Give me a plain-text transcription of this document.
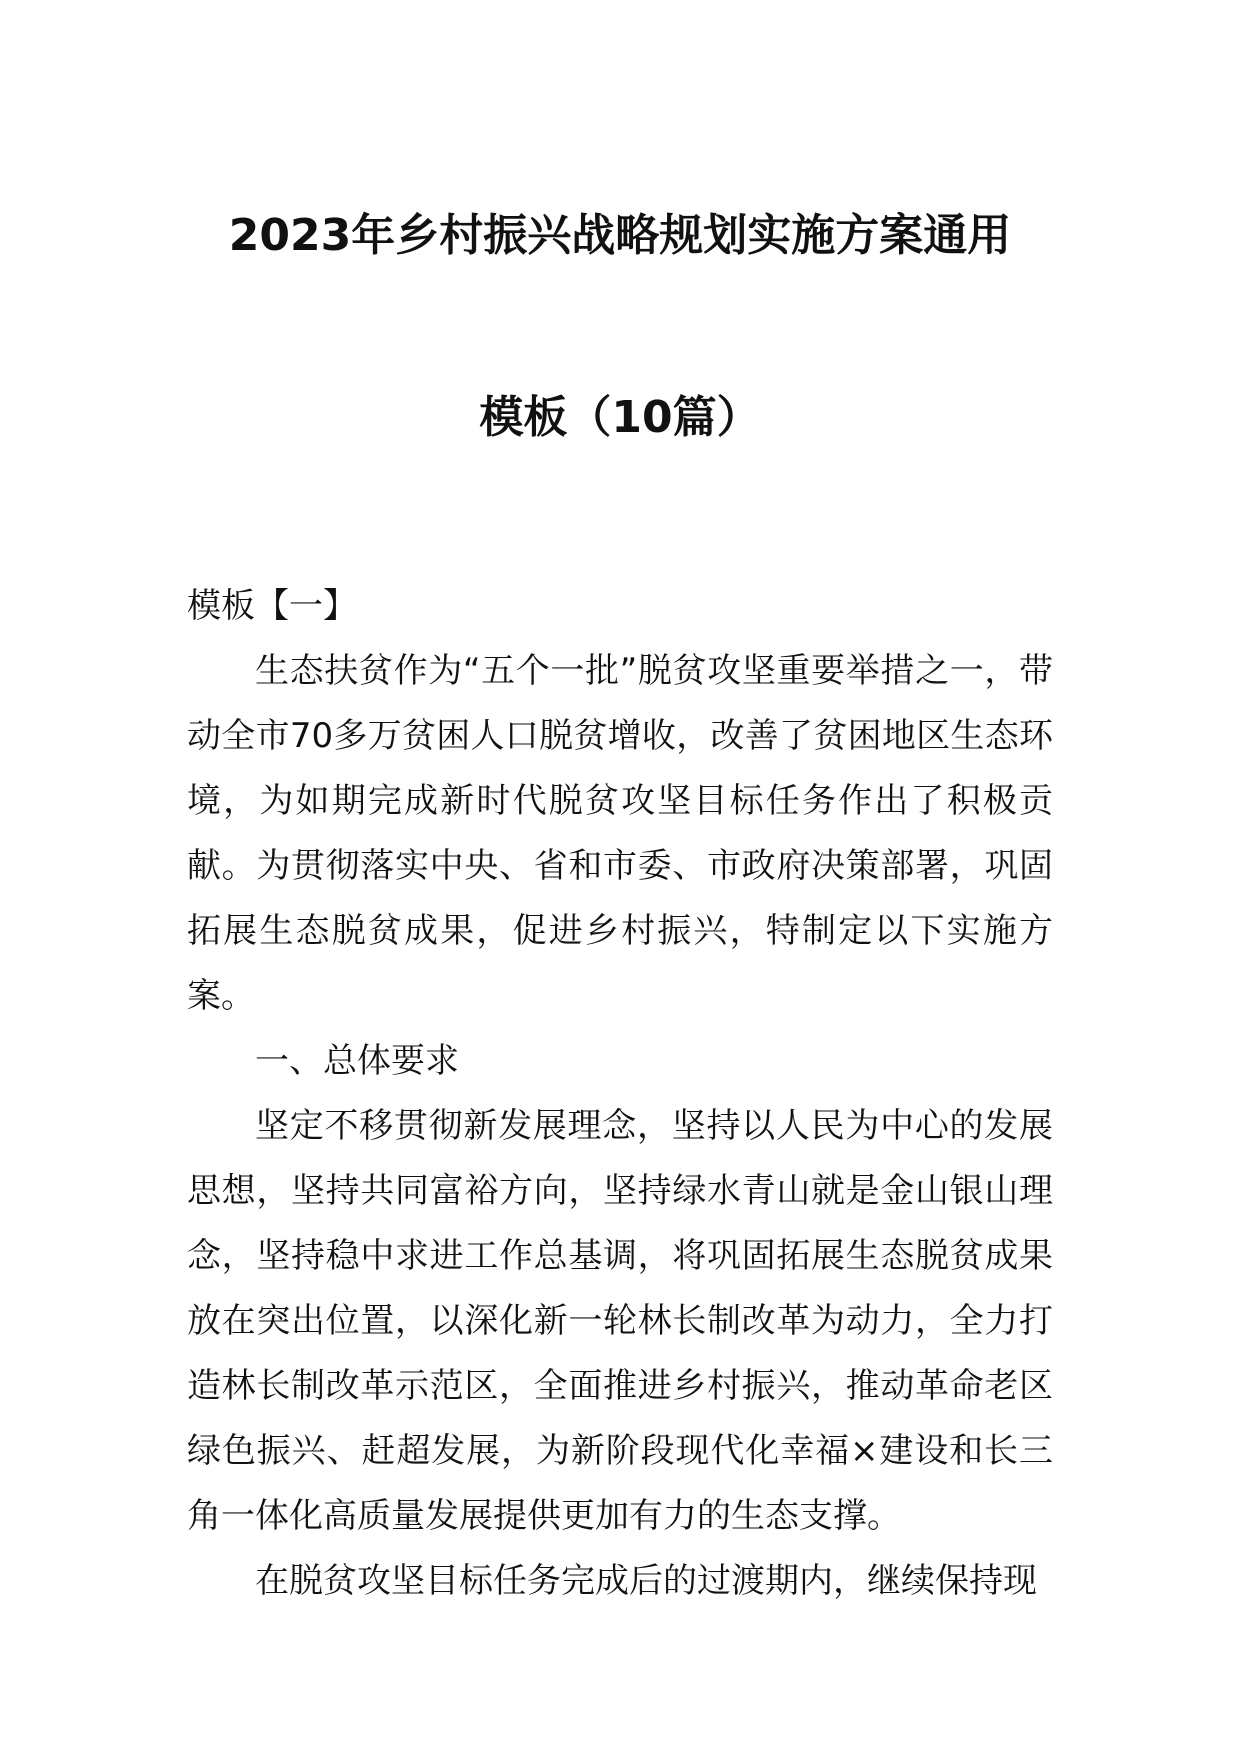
2023年乡村振兴战略规划实施方案通用
模板（10篇）

模板【一】

生态扶贫作为“五个一批”脱贫攻坚重要举措之一，带动全市70多万贫困人口脱贫增收，改善了贫困地区生态环境，为如期完成新时代脱贫攻坚目标任务作出了积极贡献。为贯彻落实中央、省和市委、市政府决策部署，巩固拓展生态脱贫成果，促进乡村振兴，特制定以下实施方案。

一、总体要求

坚定不移贯彻新发展理念，坚持以人民为中心的发展思想，坚持共同富裕方向，坚持绿水青山就是金山银山理念，坚持稳中求进工作总基调，将巩固拓展生态脱贫成果放在突出位置，以深化新一轮林长制改革为动力，全力打造林长制改革示范区，全面推进乡村振兴，推动革命老区绿色振兴、赶超发展，为新阶段现代化幸福×建设和长三角一体化高质量发展提供更加有力的生态支撑。

在脱贫攻坚目标任务完成后的过渡期内，继续保持现
